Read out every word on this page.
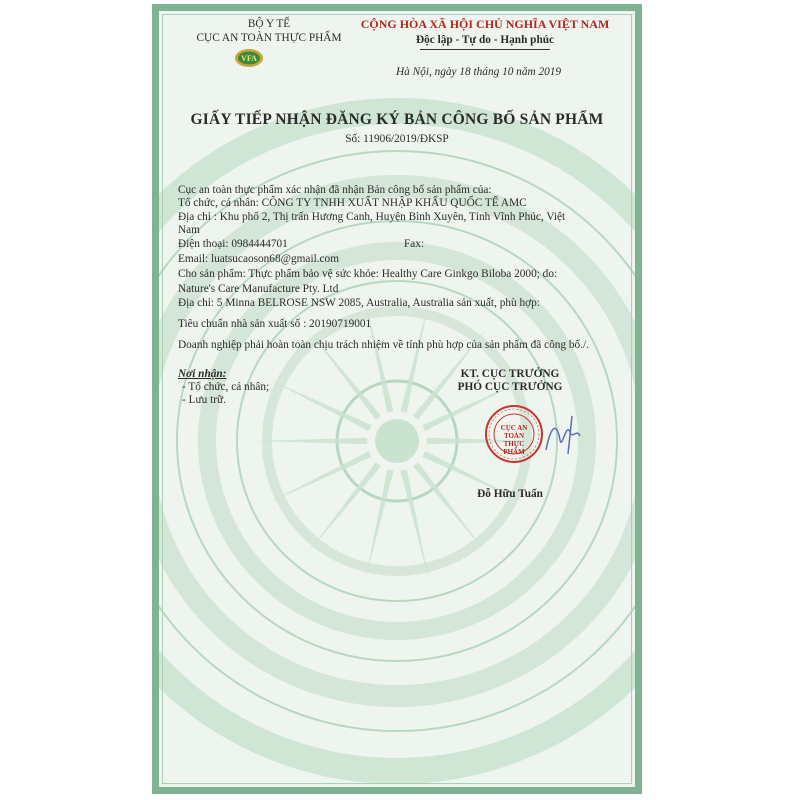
BỘ Y TẾ
CỤC AN TOÀN THỰC PHẨM
VFA
CỘNG HÒA XÃ HỘI CHỦ NGHĨA VIỆT NAM
Độc lập - Tự do - Hạnh phúc
Hà Nội, ngày 18 tháng 10 năm 2019
GIẤY TIẾP NHẬN ĐĂNG KÝ BẢN CÔNG BỐ SẢN PHẨM
Số: 11906/2019/ĐKSP
Cục an toàn thực phẩm xác nhận đã nhận Bản công bố sản phẩm của:
Tổ chức, cá nhân: CÔNG TY TNHH XUẤT NHẬP KHẨU QUỐC TẾ AMC
Địa chỉ : Khu phố 2, Thị trấn Hương Canh, Huyện Bình Xuyên, Tỉnh Vĩnh Phúc, Việt
Nam
Điện thoại: 0984444701	Fax:
Email: luatsucaoson68@gmail.com
Cho sản phẩm: Thực phẩm bảo vệ sức khỏe: Healthy Care Ginkgo Biloba 2000; do:
Nature's Care Manufacture Pty. Ltd
Địa chỉ: 5 Minna BELROSE NSW 2085, Australia, Australia sản xuất, phù hợp:
Tiêu chuẩn nhà sản xuất số : 20190719001
Doanh nghiệp phải hoàn toàn chịu trách nhiệm về tính phù hợp của sản phẩm đã công bố./.
Nơi nhận:
- Tổ chức, cá nhân;
- Lưu trữ.
KT. CỤC TRƯỞNG
PHÓ CỤC TRƯỞNG
CỤC AN TOÀN THỰC PHẨM
Đỗ Hữu Tuấn
